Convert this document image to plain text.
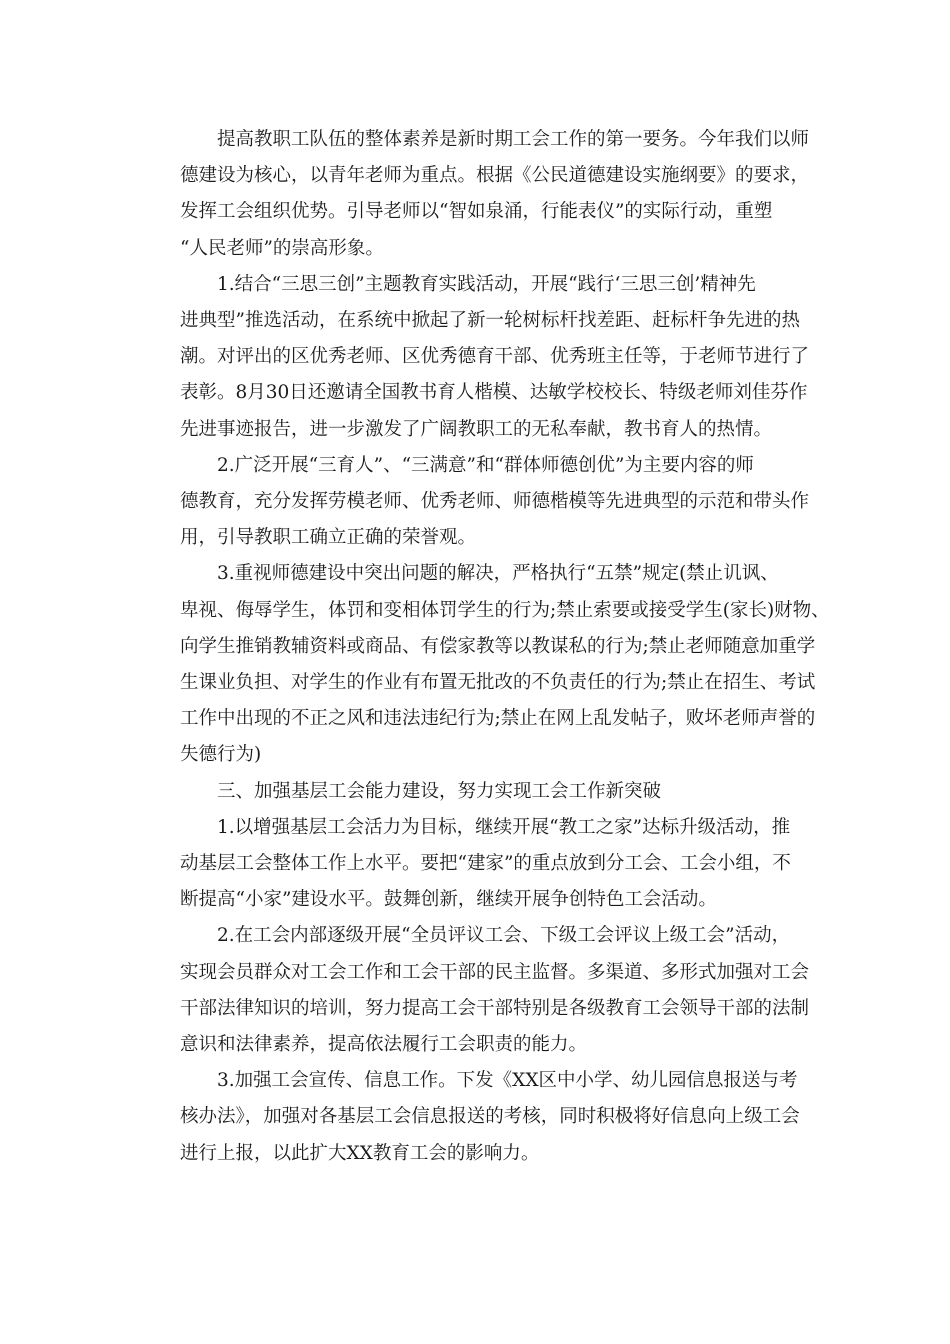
提高教职工队伍的整体素养是新时期工会工作的第一要务。今年我们以师
德建设为核心，以青年老师为重点。根据《公民道德建设实施纲要》的要求，
发挥工会组织优势。引导老师以“智如泉涌，行能表仪”的实际行动，重塑
“人民老师”的崇高形象。
1.结合“三思三创”主题教育实践活动，开展“践行‘三思三创’精神先
进典型”推选活动，在系统中掀起了新一轮树标杆找差距、赶标杆争先进的热
潮。对评出的区优秀老师、区优秀德育干部、优秀班主任等，于老师节进行了
表彰。8月30日还邀请全国教书育人楷模、达敏学校校长、特级老师刘佳芬作
先进事迹报告，进一步激发了广阔教职工的无私奉献，教书育人的热情。
2.广泛开展“三育人”、“三满意”和“群体师德创优”为主要内容的师
德教育，充分发挥劳模老师、优秀老师、师德楷模等先进典型的示范和带头作
用，引导教职工确立正确的荣誉观。
3.重视师德建设中突出问题的解决，严格执行“五禁”规定(禁止讥讽、
卑视、侮辱学生，体罚和变相体罚学生的行为;禁止索要或接受学生(家长)财物、
向学生推销教辅资料或商品、有偿家教等以教谋私的行为;禁止老师随意加重学
生课业负担、对学生的作业有布置无批改的不负责任的行为;禁止在招生、考试
工作中出现的不正之风和违法违纪行为;禁止在网上乱发帖子，败坏老师声誉的
失德行为)
三、加强基层工会能力建设，努力实现工会工作新突破
1.以增强基层工会活力为目标，继续开展“教工之家”达标升级活动，推
动基层工会整体工作上水平。要把“建家”的重点放到分工会、工会小组，不
断提高“小家”建设水平。鼓舞创新，继续开展争创特色工会活动。
2.在工会内部逐级开展“全员评议工会、下级工会评议上级工会”活动，
实现会员群众对工会工作和工会干部的民主监督。多渠道、多形式加强对工会
干部法律知识的培训，努力提高工会干部特别是各级教育工会领导干部的法制
意识和法律素养，提高依法履行工会职责的能力。
3.加强工会宣传、信息工作。下发《XX区中小学、幼儿园信息报送与考
核办法》，加强对各基层工会信息报送的考核，同时积极将好信息向上级工会
进行上报，以此扩大XX教育工会的影响力。
